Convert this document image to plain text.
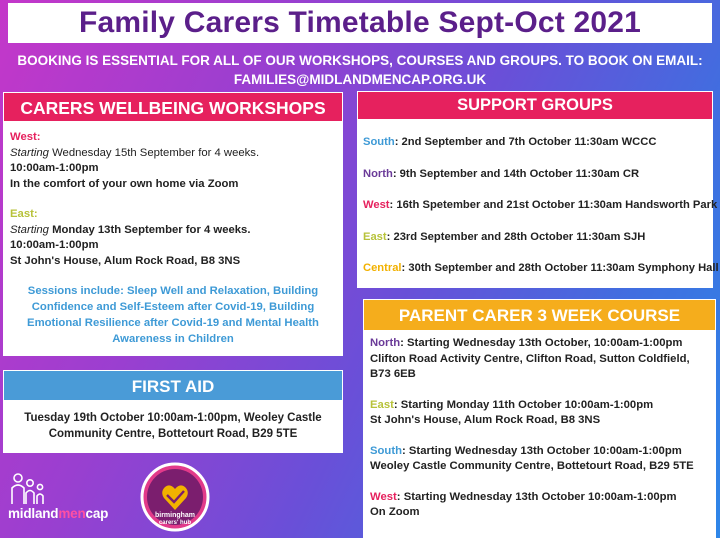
Family Carers Timetable Sept-Oct 2021
BOOKING IS ESSENTIAL FOR ALL OF OUR WORKSHOPS, COURSES AND GROUPS. TO BOOK ON EMAIL:
FAMILIES@MIDLANDMENCAP.ORG.UK
CARERS WELLBEING WORKSHOPS

West:

Starting Wednesday 15th September for 4 weeks.

10:00am-1:00pm

In the comfort of your own home via Zoom

East:

Starting Monday 13th September for 4 weeks.

10:00am-1:00pm

St John's House, Alum Rock Road, B8 3NS

Sessions include: Sleep Well and Relaxation, Building Confidence and Self-Esteem after Covid-19, Building Emotional Resilience after Covid-19 and Mental Health Awareness in Children

FIRST AID

Tuesday 19th October 10:00am-1:00pm, Weoley Castle Community Centre, Bottetourt Road, B29 5TE

SUPPORT GROUPS

South: 2nd September and 7th October 11:30am WCCC

North: 9th September and 14th October 11:30am CR

West: 16th Spetember and 21st October 11:30am Handsworth Park

East: 23rd September and 28th October 11:30am SJH

Central: 30th September and 28th October 11:30am Symphony Hall

PARENT CARER 3 WEEK COURSE

North: Starting Wednesday 13th October, 10:00am-1:00pm

Clifton Road Activity Centre, Clifton Road, Sutton Coldfield, B73 6EB

East: Starting Monday 11th October 10:00am-1:00pm

St John's House, Alum Rock Road, B8 3NS

South: Starting Wednesday 13th October 10:00am-1:00pm

Weoley Castle Community Centre, Bottetourt Road, B29 5TE

West: Starting Wednesday 13th October 10:00am-1:00pm

On Zoom

midlandmencap	birmingham
carers' hub
